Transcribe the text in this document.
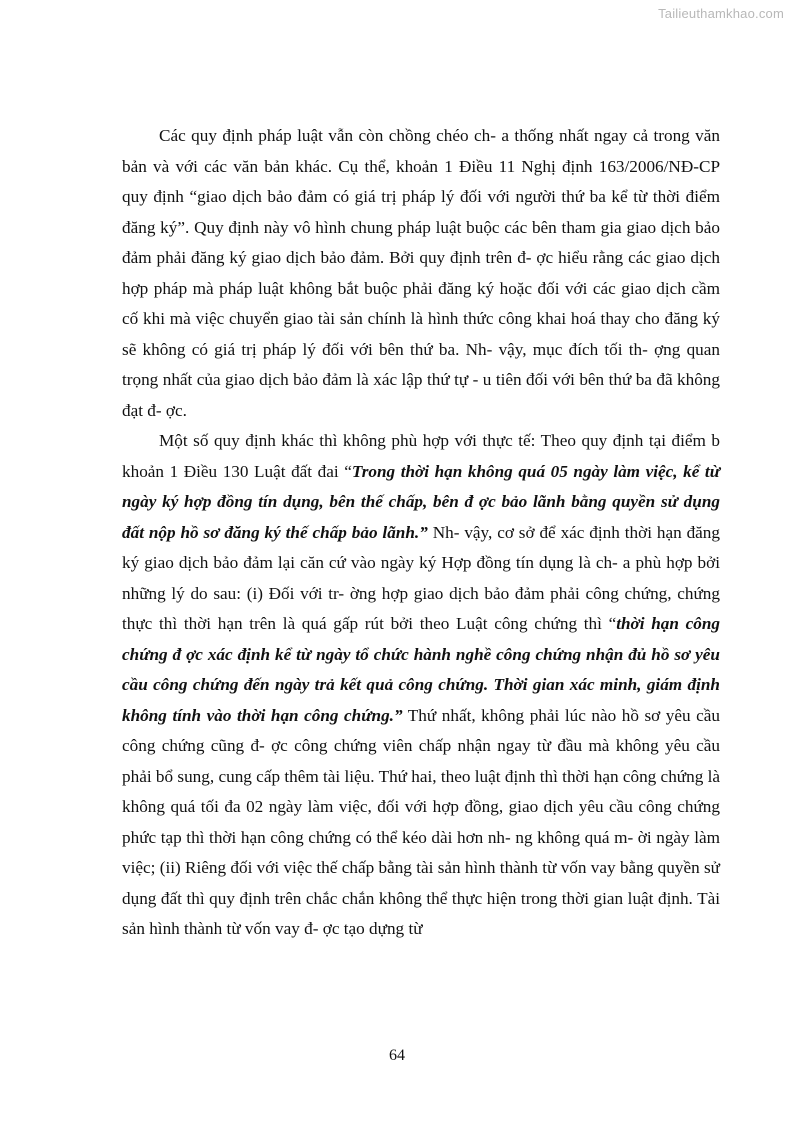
Tailieuthamkhao.com

Các quy định pháp luật vẫn còn chồng chéo ch- a thống nhất ngay cả trong văn bản và với các văn bản khác. Cụ thể, khoản 1 Điều 11 Nghị định 163/2006/NĐ-CP quy định “giao dịch bảo đảm có giá trị pháp lý đối với người thứ ba kể từ thời điểm đăng ký”. Quy định này vô hình chung pháp luật buộc các bên tham gia giao dịch bảo đảm phải đăng ký giao dịch bảo đảm. Bởi quy định trên đ- ợc hiểu rằng các giao dịch hợp pháp mà pháp luật không bắt buộc phải đăng ký hoặc đối với các giao dịch cầm cố khi mà việc chuyển giao tài sản chính là hình thức công khai hoá thay cho đăng ký sẽ không có giá trị pháp lý đối với bên thứ ba. Nh- vậy, mục đích tối th- ợng quan trọng nhất của giao dịch bảo đảm là xác lập thứ tự - u tiên đối với bên thứ ba đã không đạt đ- ợc.

Một số quy định khác thì không phù hợp với thực tế: Theo quy định tại điểm b khoản 1 Điều 130 Luật đất đai “Trong thời hạn không quá 05 ngày làm việc, kể từ ngày ký hợp đồng tín dụng, bên thế chấp, bên đ ợc bảo lãnh bằng quyền sử dụng đất nộp hồ sơ đăng ký thế chấp bảo lãnh.” Nh- vậy, cơ sở để xác định thời hạn đăng ký giao dịch bảo đảm lại căn cứ vào ngày ký Hợp đồng tín dụng là ch- a phù hợp bởi những lý do sau: (i) Đối với tr- ờng hợp giao dịch bảo đảm phải công chứng, chứng thực thì thời hạn trên là quá gấp rút bởi theo Luật công chứng thì “thời hạn công chứng đ ợc xác định kể từ ngày tổ chức hành nghề công chứng nhận đủ hồ sơ yêu cầu công chứng đến ngày trả kết quả công chứng. Thời gian xác minh, giám định không tính vào thời hạn công chứng.” Thứ nhất, không phải lúc nào hồ sơ yêu cầu công chứng cũng đ- ợc công chứng viên chấp nhận ngay từ đầu mà không yêu cầu phải bổ sung, cung cấp thêm tài liệu. Thứ hai, theo luật định thì thời hạn công chứng là không quá tối đa 02 ngày làm việc, đối với hợp đồng, giao dịch yêu cầu công chứng phức tạp thì thời hạn công chứng có thể kéo dài hơn nh- ng không quá m- ời ngày làm việc; (ii) Riêng đối với việc thế chấp bằng tài sản hình thành từ vốn vay bằng quyền sử dụng đất thì quy định trên chắc chắn không thể thực hiện trong thời gian luật định. Tài sản hình thành từ vốn vay đ- ợc tạo dựng từ

64
